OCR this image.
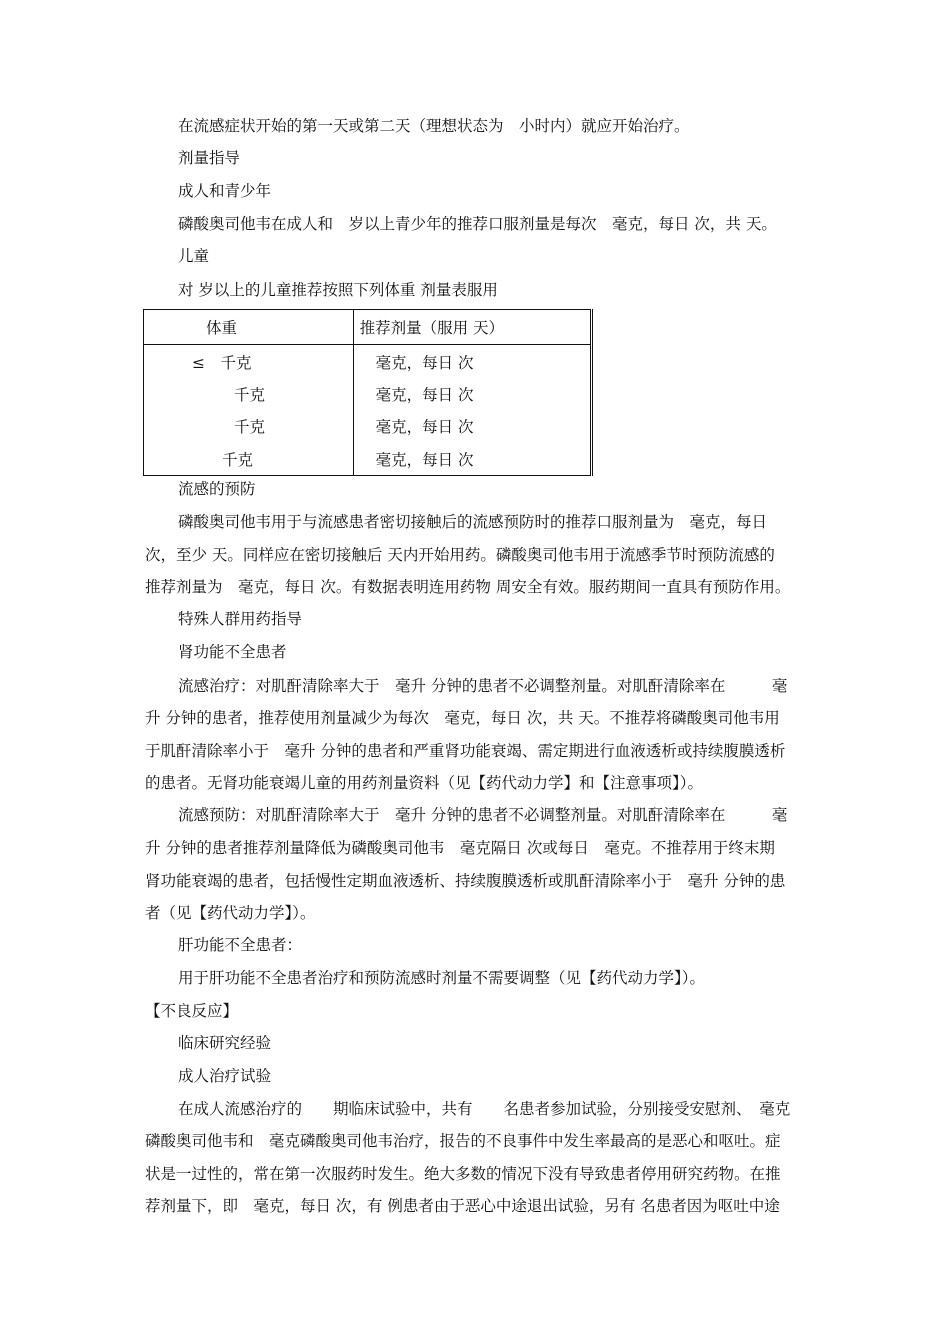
在流感症状开始的第一天或第二天（理想状态为　小时内）就应开始治疗。
剂量指导
成人和青少年
磷酸奥司他韦在成人和　岁以上青少年的推荐口服剂量是每次　毫克，每日 次，共 天。
儿童
对 岁以上的儿童推荐按照下列体重 剂量表服用
体重	推荐剂量（服用 天）
≤　千克	毫克，每日 次
千克	毫克，每日 次
千克	毫克，每日 次
千克	毫克，每日 次
流感的预防
磷酸奥司他韦用于与流感患者密切接触后的流感预防时的推荐口服剂量为　毫克，每日
次，至少 天。同样应在密切接触后 天内开始用药。磷酸奥司他韦用于流感季节时预防流感的
推荐剂量为　毫克，每日 次。有数据表明连用药物 周安全有效。服药期间一直具有预防作用。
特殊人群用药指导
肾功能不全患者
流感治疗：对肌酐清除率大于　毫升 分钟的患者不必调整剂量。对肌酐清除率在　　　毫
升 分钟的患者，推荐使用剂量减少为每次　毫克，每日 次，共 天。不推荐将磷酸奥司他韦用
于肌酐清除率小于　毫升 分钟的患者和严重肾功能衰竭、需定期进行血液透析或持续腹膜透析
的患者。无肾功能衰竭儿童的用药剂量资料（见【药代动力学】和【注意事项】）。
流感预防：对肌酐清除率大于　毫升 分钟的患者不必调整剂量。对肌酐清除率在　　　毫
升 分钟的患者推荐剂量降低为磷酸奥司他韦　毫克隔日 次或每日　毫克。不推荐用于终末期
肾功能衰竭的患者，包括慢性定期血液透析、持续腹膜透析或肌酐清除率小于　毫升 分钟的患
者（见【药代动力学】）。
肝功能不全患者：
用于肝功能不全患者治疗和预防流感时剂量不需要调整（见【药代动力学】）。
【不良反应】
临床研究经验
成人治疗试验
在成人流感治疗的　　期临床试验中，共有　　名患者参加试验，分别接受安慰剂、　毫克
磷酸奥司他韦和　毫克磷酸奥司他韦治疗，报告的不良事件中发生率最高的是恶心和呕吐。症
状是一过性的，常在第一次服药时发生。绝大多数的情况下没有导致患者停用研究药物。在推
荐剂量下，即　毫克，每日 次，有 例患者由于恶心中途退出试验，另有 名患者因为呕吐中途
